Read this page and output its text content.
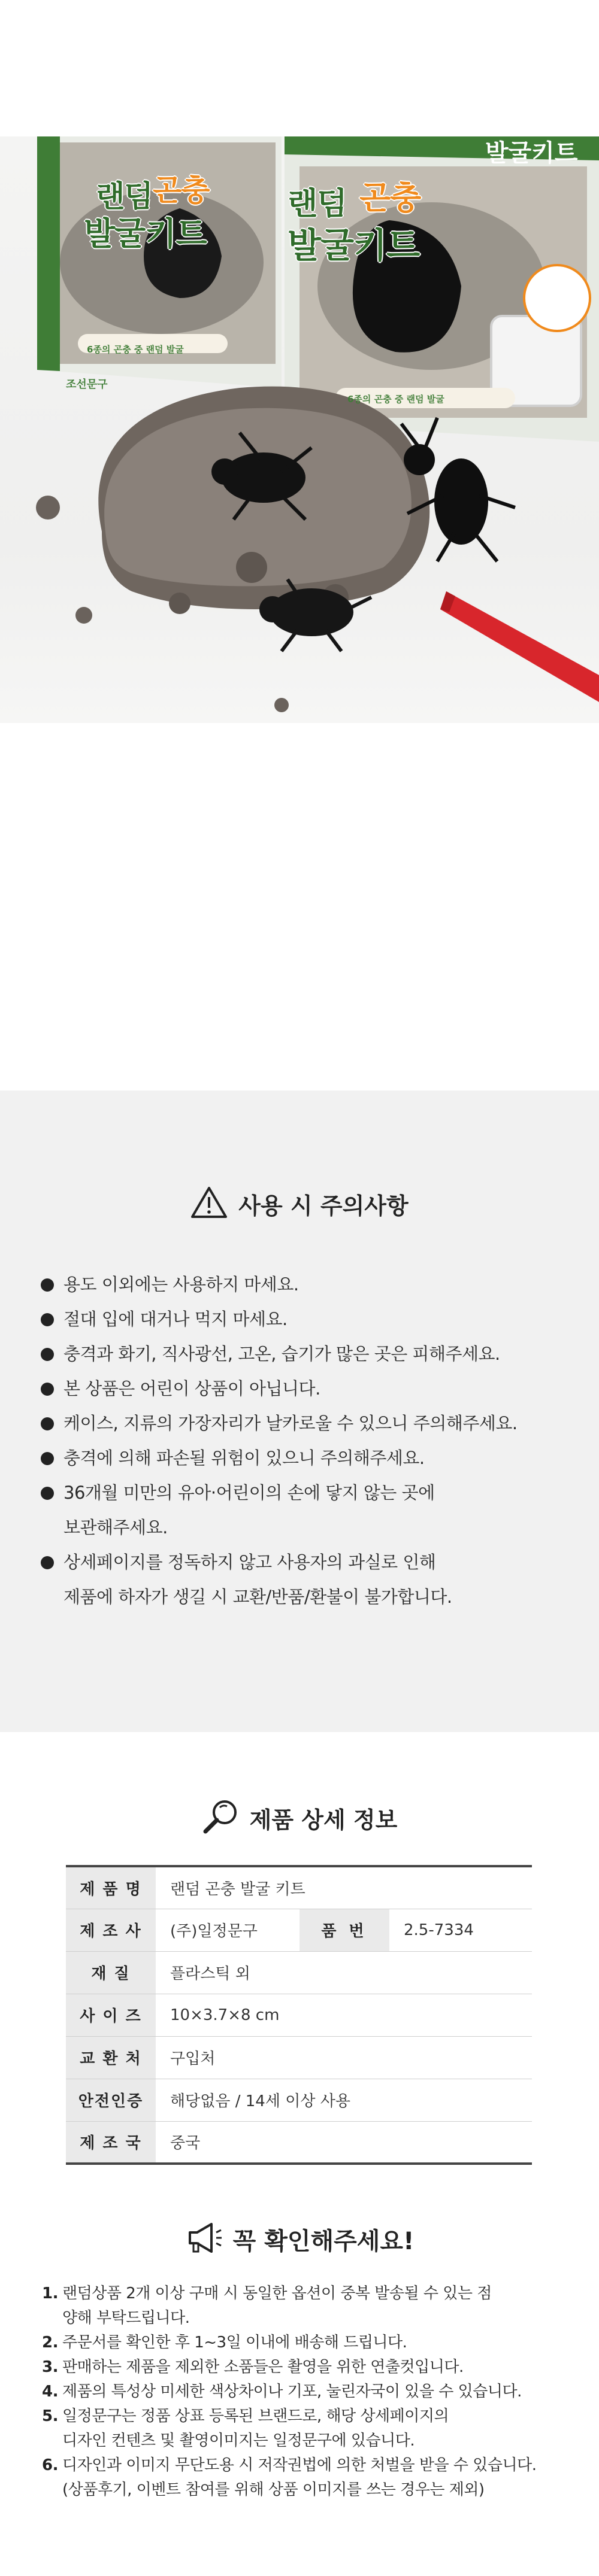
랜덤 곤충
발굴키트
랜덤 곤충
발굴키트
조선문구
6종의 곤충 중 랜덤 발굴
6종의 곤충 중 랜덤 발굴
발굴키트
사용 시 주의사항
용도 이외에는 사용하지 마세요.
절대 입에 대거나 먹지 마세요.
충격과 화기, 직사광선, 고온, 습기가 많은 곳은 피해주세요.
본 상품은 어린이 상품이 아닙니다.
케이스, 지류의 가장자리가 날카로울 수 있으니 주의해주세요.
충격에 의해 파손될 위험이 있으니 주의해주세요.
36개월 미만의 유아·어린이의 손에 닿지 않는 곳에
보관해주세요.
상세페이지를 정독하지 않고 사용자의 과실로 인해
제품에 하자가 생길 시 교환/반품/환불이 불가합니다.
제품 상세 정보
제 품 명	랜덤 곤충 발굴 키트		
제 조 사	(주)일정문구	품 번	2.5-7334
재 질	플라스틱 외		
사 이 즈	10×3.7×8 cm		
교 환 처	구입처		
안전인증	해당없음 / 14세 이상 사용		
제 조 국	중국		
꼭 확인해주세요!
1. 랜덤상품 2개 이상 구매 시 동일한 옵션이 중복 발송될 수 있는 점
양해 부탁드립니다.
2. 주문서를 확인한 후 1~3일 이내에 배송해 드립니다.
3. 판매하는 제품을 제외한 소품들은 촬영을 위한 연출컷입니다.
4. 제품의 특성상 미세한 색상차이나 기포, 눌린자국이 있을 수 있습니다.
5. 일정문구는 정품 상표 등록된 브랜드로, 해당 상세페이지의
디자인 컨텐츠 및 촬영이미지는 일정문구에 있습니다.
6. 디자인과 이미지 무단도용 시 저작권법에 의한 처벌을 받을 수 있습니다.
(상품후기, 이벤트 참여를 위해 상품 이미지를 쓰는 경우는 제외)
